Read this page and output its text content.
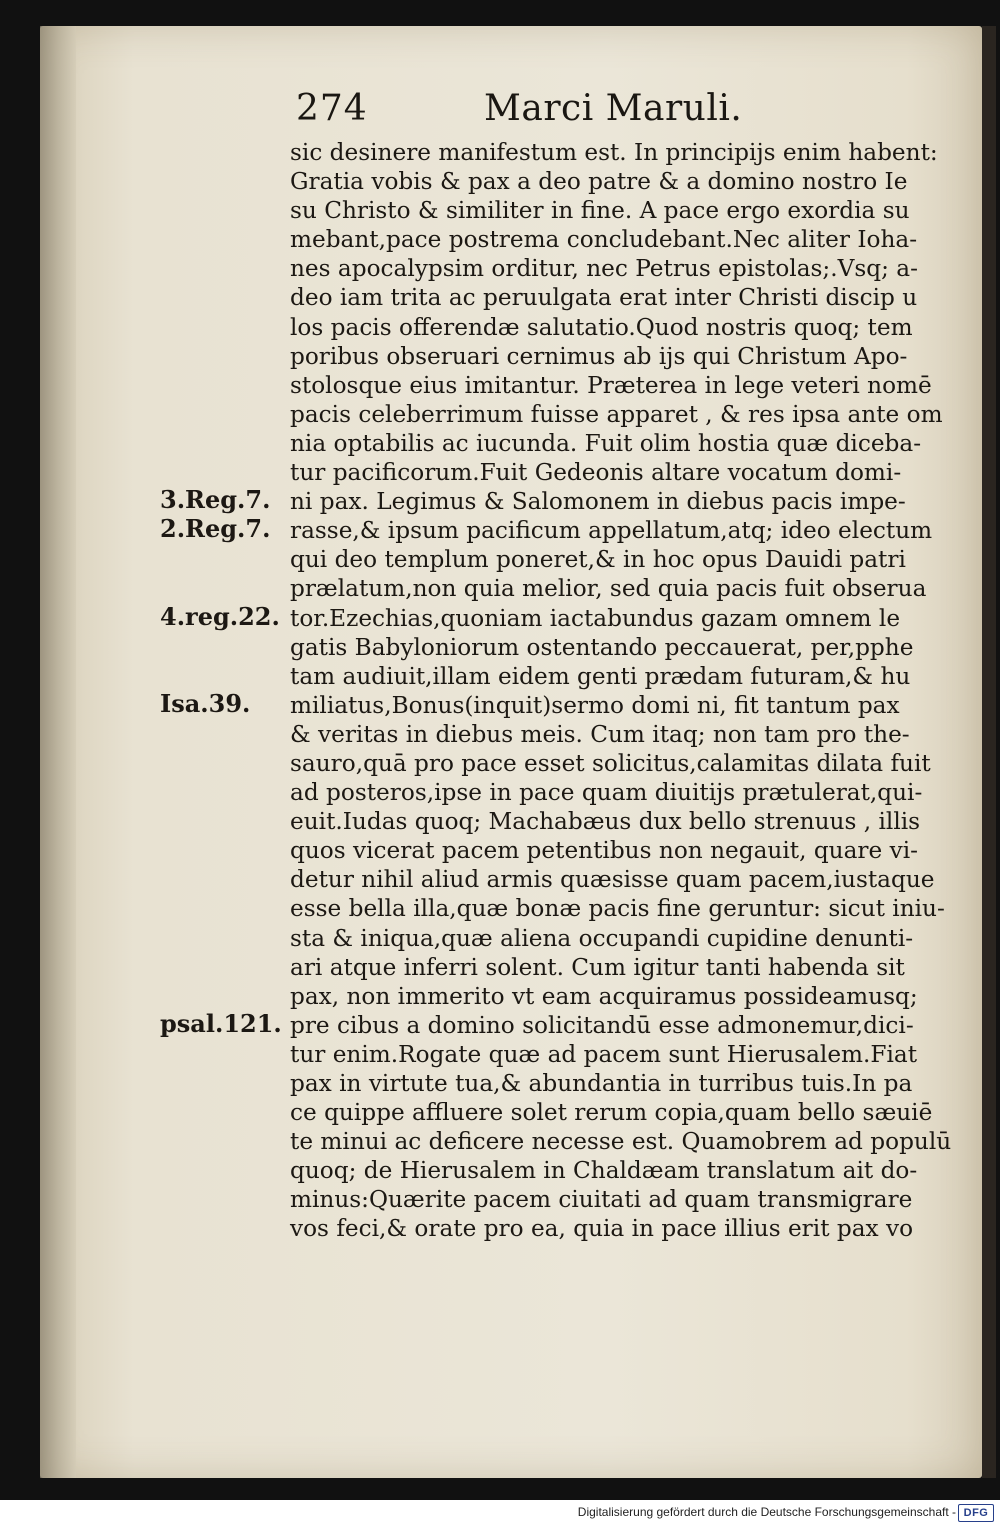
274	Marci Maruli.
sic desinere manifestum est. In principijs enim habent:
Gratia vobis & pax a deo patre & a domino nostro Ie
su Christo & similiter in fine. A pace ergo exordia su
mebant,pace postrema concludebant.Nec aliter Ioha-
nes apocalypsim orditur, nec Petrus epistolas;.Vsq; a-
deo iam trita ac peruulgata erat inter Christi discip u
los pacis offerendæ salutatio.Quod nostris quoq; tem
poribus obseruari cernimus ab ijs qui Christum Apo-
stolosque eius imitantur. Præterea in lege veteri nomē
pacis celeberrimum fuisse apparet , & res ipsa ante om
nia optabilis ac iucunda. Fuit olim hostia quæ diceba-
tur pacificorum.Fuit Gedeonis altare vocatum domi-
ni pax. Legimus & Salomonem in diebus pacis impe-
rasse,& ipsum pacificum appellatum,atq; ideo electum
qui deo templum poneret,& in hoc opus Dauidi patri
prælatum,non quia melior, sed quia pacis fuit obserua
tor.Ezechias,quoniam iactabundus gazam omnem le
gatis Babyloniorum ostentando peccauerat, per,pphe
tam audiuit,illam eidem genti prædam futuram,& hu
miliatus,Bonus(inquit)sermo domi ni, fit tantum pax
& veritas in diebus meis. Cum itaq; non tam pro the-
sauro,quā pro pace esset solicitus,calamitas dilata fuit
ad posteros,ipse in pace quam diuitijs prætulerat,qui-
euit.Iudas quoq; Machabæus dux bello strenuus , illis
quos vicerat pacem petentibus non negauit, quare vi-
detur nihil aliud armis quæsisse quam pacem,iustaque
esse bella illa,quæ bonæ pacis fine geruntur: sicut iniu-
sta & iniqua,quæ aliena occupandi cupidine denunti-
ari atque inferri solent. Cum igitur tanti habenda sit
pax, non immerito vt eam acquiramus possideamusq;
pre cibus a domino solicitandū esse admonemur,dici-
tur enim.Rogate quæ ad pacem sunt Hierusalem.Fiat
pax in virtute tua,& abundantia in turribus tuis.In pa
ce quippe affluere solet rerum copia,quam bello sæuiē
te minui ac deficere necesse est. Quamobrem ad populū
quoq; de Hierusalem in Chaldæam translatum ait do-
minus:Quærite pacem ciuitati ad quam transmigrare
vos feci,& orate pro ea, quia in pace illius erit pax vo
3.Reg.7.
2.Reg.7.
4.reg.22.
Isa.39.
psal.121.
Digitalisierung gefördert durch die Deutsche Forschungsgemeinschaft - DFG
